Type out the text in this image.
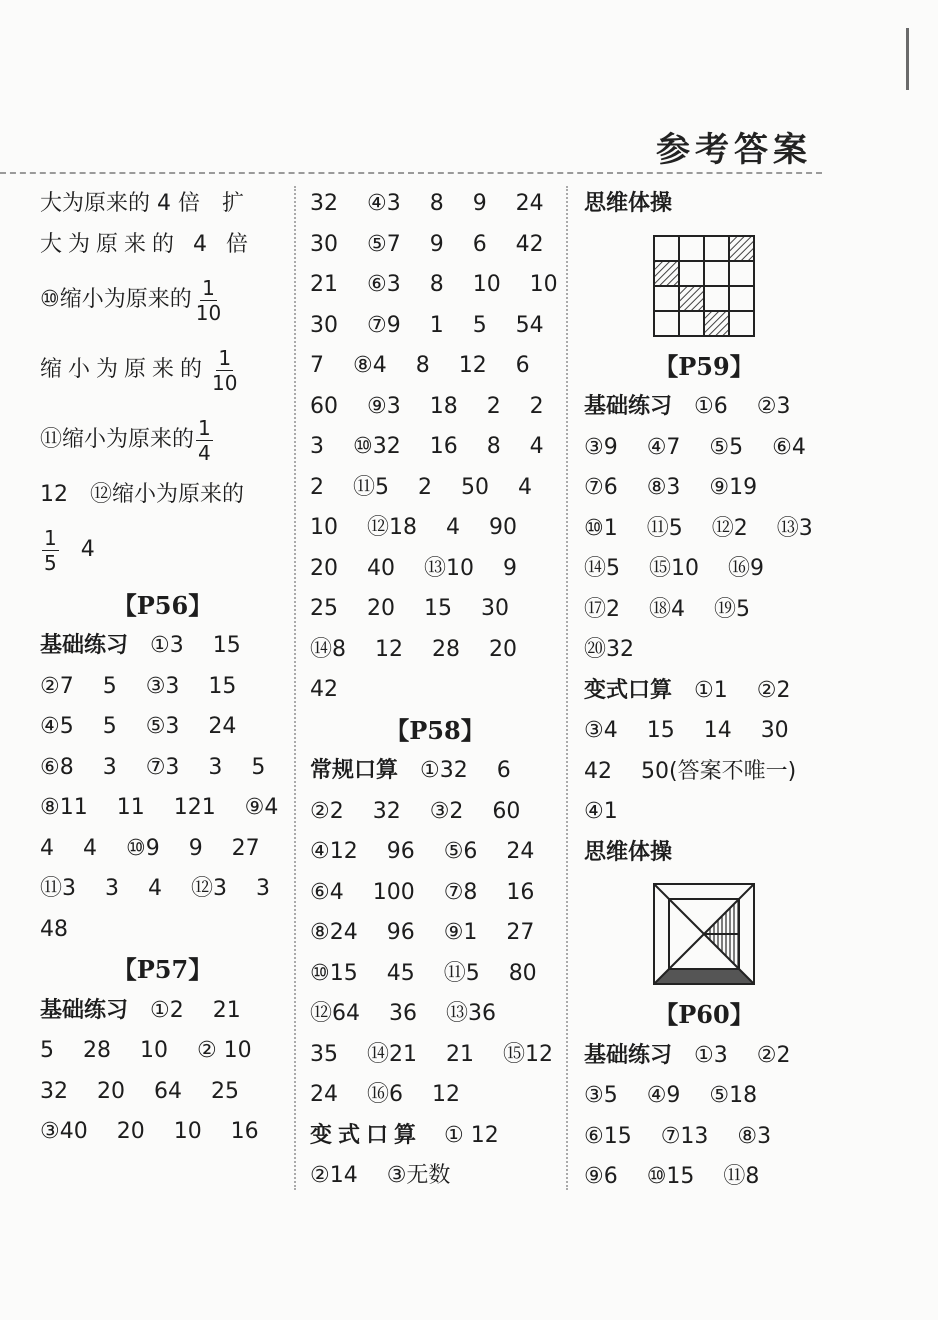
参考答案
大为原来的 4 倍　扩
大为原来的 4 倍
⑩缩小为原来的 $\frac{1}{10}$
缩小为原来的 $\frac{1}{10}$
⑪缩小为原来的 $\frac{1}{4}$
12　⑫缩小为原来的
$\frac{1}{5} 4$
【P56】
基础练习 ①3　 15
②7　 5　 ③3　 15
④5　 5　 ⑤3　 24
⑥8　 3　 ⑦3　 3　 5
⑧11　 11　 121　 ⑨4
4　 4　 ⑩9　 9　 27
⑪3　 3　 4　 ⑫3　 3
48
【P57】
基础练习 ①2　 21
5　 28　 10　 ② 10
32　 20　 64　 25
③40　 20　 10　 16
32　 ④3　 8　 9　 24
30　 ⑤7　 9　 6　 42
21　 ⑥3　 8　 10　 10
30　 ⑦9　 1　 5　 54
7　 ⑧4　 8　 12　 6
60　 ⑨3　 18　 2　 2
3　 ⑩32　 16　 8　 4
2　 ⑪5　 2　 50　 4
10　 ⑫18　 4　 90
20　 40　 ⑬10　 9
25　 20　 15　 30
⑭8　 12　 28　 20
42
【P58】
常规口算 ①32　 6
②2　 32　 ③2　 60
④12　 96　 ⑤6　 24
⑥4　 100　 ⑦8　 16
⑧24　 96　 ⑨1　 27
⑩15　 45　 ⑪5　 80
⑫64　 36　 ⑬36
35　 ⑭21　 21　 ⑮12
24　 ⑯6　 12
变式口算 ① 12
②14　 ③无数
思维体操
【P59】
基础练习 ①6　 ②3
③9　 ④7　 ⑤5　 ⑥4
⑦6　 ⑧3　 ⑨19
⑩1　 ⑪5　 ⑫2　 ⑬3
⑭5　 ⑮10　 ⑯9
⑰2　 ⑱4　 ⑲5
⑳32
变式口算 ①1　 ②2
③4　 15　 14　 30
42　 50(答案不唯一)
④1
思维体操
【P60】
基础练习 ①3　 ②2
③5　 ④9　 ⑤18
⑥15　 ⑦13　 ⑧3
⑨6　 ⑩15　 ⑪8
